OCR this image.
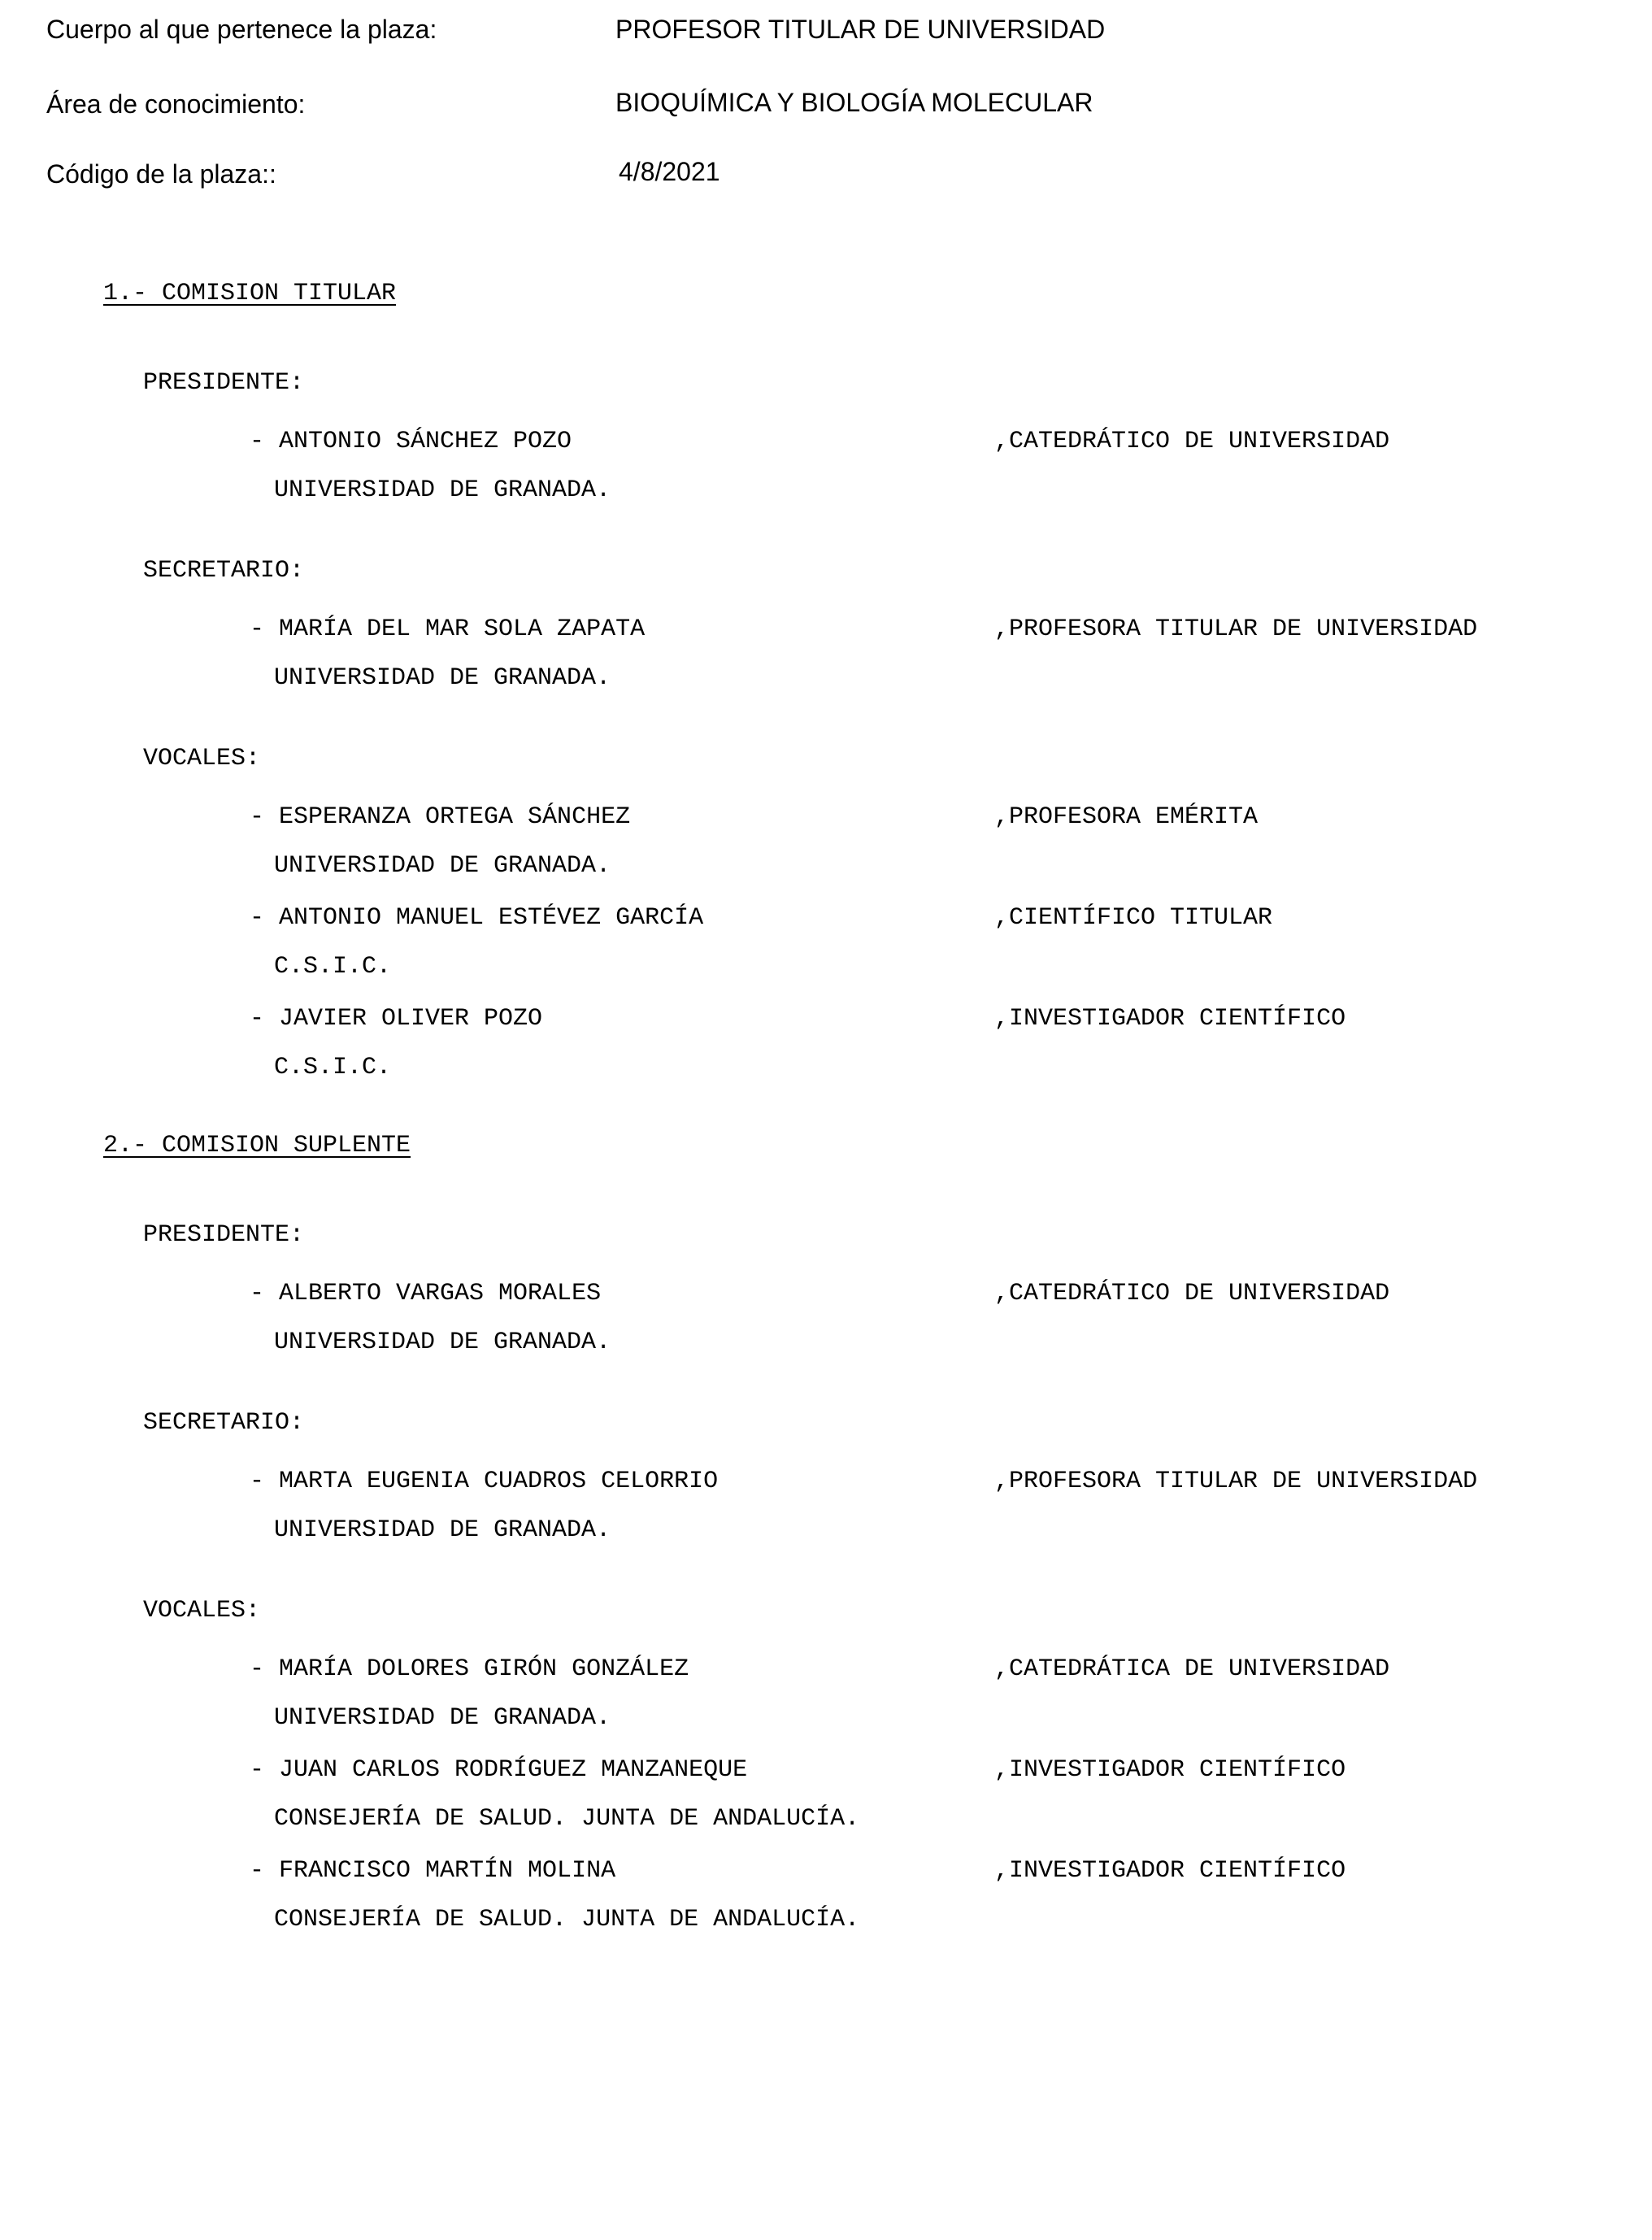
Cuerpo al que pertenece la plaza:	PROFESOR TITULAR DE UNIVERSIDAD
Área de conocimiento:	BIOQUÍMICA Y BIOLOGÍA MOLECULAR
Código de la plaza::	4/8/2021
1.- COMISION TITULAR
PRESIDENTE:
- ANTONIO SÁNCHEZ POZO	,CATEDRÁTICO DE UNIVERSIDAD
UNIVERSIDAD DE GRANADA.
SECRETARIO:
- MARÍA DEL MAR SOLA ZAPATA	,PROFESORA TITULAR DE UNIVERSIDAD
UNIVERSIDAD DE GRANADA.
VOCALES:
- ESPERANZA ORTEGA SÁNCHEZ	,PROFESORA EMÉRITA
UNIVERSIDAD DE GRANADA.
- ANTONIO MANUEL ESTÉVEZ GARCÍA	,CIENTÍFICO TITULAR
C.S.I.C.
- JAVIER OLIVER POZO	,INVESTIGADOR CIENTÍFICO
C.S.I.C.
2.- COMISION SUPLENTE
PRESIDENTE:
- ALBERTO VARGAS MORALES	,CATEDRÁTICO DE UNIVERSIDAD
UNIVERSIDAD DE GRANADA.
SECRETARIO:
- MARTA EUGENIA CUADROS CELORRIO	,PROFESORA TITULAR DE UNIVERSIDAD
UNIVERSIDAD DE GRANADA.
VOCALES:
- MARÍA DOLORES GIRÓN GONZÁLEZ	,CATEDRÁTICA DE UNIVERSIDAD
UNIVERSIDAD DE GRANADA.
- JUAN CARLOS RODRÍGUEZ MANZANEQUE	,INVESTIGADOR CIENTÍFICO
CONSEJERÍA DE SALUD. JUNTA DE ANDALUCÍA.
- FRANCISCO MARTÍN MOLINA	,INVESTIGADOR CIENTÍFICO
CONSEJERÍA DE SALUD. JUNTA DE ANDALUCÍA.
